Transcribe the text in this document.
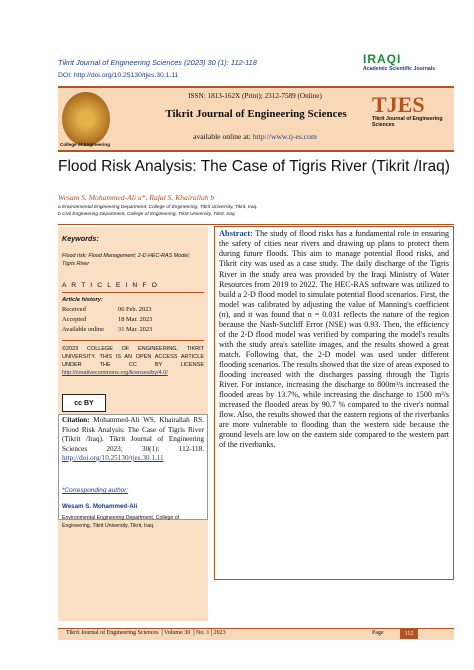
Tikrit Journal of Engineering Sciences (2023) 30 (1): 112-118
DOI: http://doi.org/10.25130/tjes.30.1.11
IRAQI
Academic Scientific Journals
College of Engineering
ISSN: 1813-162X (Print); 2312-7589 (Online)
Tikrit Journal of Engineering Sciences
available online at: http://www.tj-es.com
TJES
Tikrit Journal of Engineering Sciences
Flood Risk Analysis: The Case of Tigris River (Tikrit /Iraq)
Wesam S. Mohammed-Ali a*, Rafal S. Khairallah b
a Environmental Engineering Department, College of Engineering, Tikrit University, Tikrit, Iraq.
b Civil Engineering Department, College of Engineering, Tikrit University, Tikrit, Iraq.
Keywords:
Flood risk; Flood Management; 2-D HEC-RAS Model; Tigris River
A R T I C L E I N F O
Article history:
Received	06 Feb. 2023
Accepted	18 Mar. 2023
Available online 31 Mar. 2023
©2023 COLLEGE OF ENGINEERING, TIKRIT UNIVERSITY. THIS IS AN OPEN ACCESS ARTICLE UNDER THE CC BY LICENSE http://creativecommons.org/licenses/by/4.0/
cc BY
Citation: Mohammed-Ali WS, Khairallah RS. Flood Risk Analysis: The Case of Tigris River (Tikrit /Iraq). Tikrit Journal of Engineering Sciences 2023; 30(1): 112-118. http://doi.org/10.25130/tjes.30.1.11
*Corresponding author:
Wesam S. Mohammed-Ali
Environmental Engineering Department, College of Engineering, Tikrit University, Tikrit, Iraq.
Abstract: The study of flood risks has a fundamental role in ensuring the safety of cities near rivers and drawing up plans to protect them during future floods. This aim to manage potential flood risks, and Tikrit city was used as a case study. The daily discharge of the Tigris River in the study area was provided by the Iraqi Ministry of Water Resources from 2019 to 2022. The HEC-RAS software was utilized to build a 2-D flood model to simulate potential flood scenarios. First, the model was calibrated by adjusting the value of Manning's coefficient (n), and it was found that n = 0.031 reflects the nature of the region because the Nash-Sutcliff Error (NSE) was 0.93. Then, the efficiency of the 2-D flood model was verified by comparing the model's results with the study area's satellite images, and the results showed a great match. Following that, the 2-D model was used under different flooding scenarios. The results showed that the size of areas exposed to flooding increased with the discharges passing through the Tigris River. For instance, increasing the discharge to 800m³/s increased the flooded areas by 13.7%, while increasing the discharge to 1500 m³/s increased the flooded areas by 90.7 % compared to the river's normal flow. Also, the results showed that the eastern regions of the riverbanks are more vulnerable to flooding than the western side because the ground levels are low on the eastern side compared to the western part of the riverbanks.
Tikrit Journal of Engineering Sciences │Volume 30 │No. 1│2023	Page	112
